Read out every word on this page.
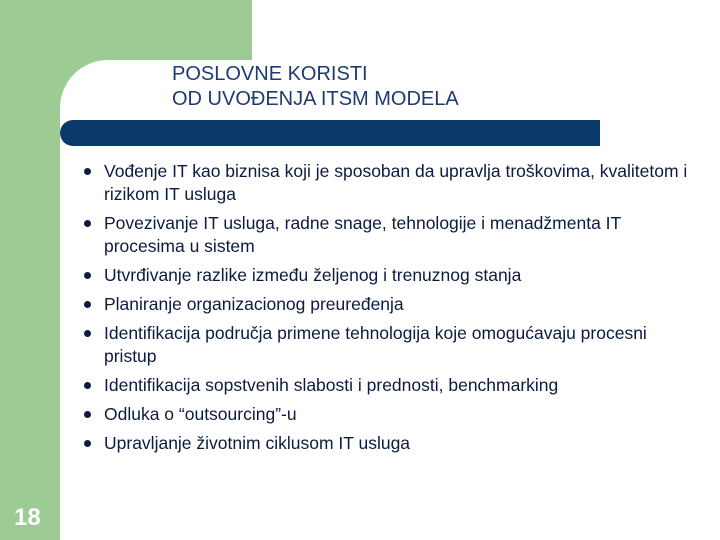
POSLOVNE KORISTI
OD UVOĐENJA ITSM MODELA
Vođenje IT kao biznisa koji je sposoban da upravlja troškovima, kvalitetom i rizikom IT usluga
Povezivanje IT usluga, radne snage, tehnologije i menadžmenta IT procesima u sistem
Utvrđivanje razlike između željenog i trenuznog stanja
Planiranje organizacionog preuređenja
Identifikacija područja primene tehnologija koje omogućavaju procesni pristup
Identifikacija sopstvenih slabosti i prednosti, benchmarking
Odluka o “outsourcing”-u
Upravljanje životnim ciklusom IT usluga
18
